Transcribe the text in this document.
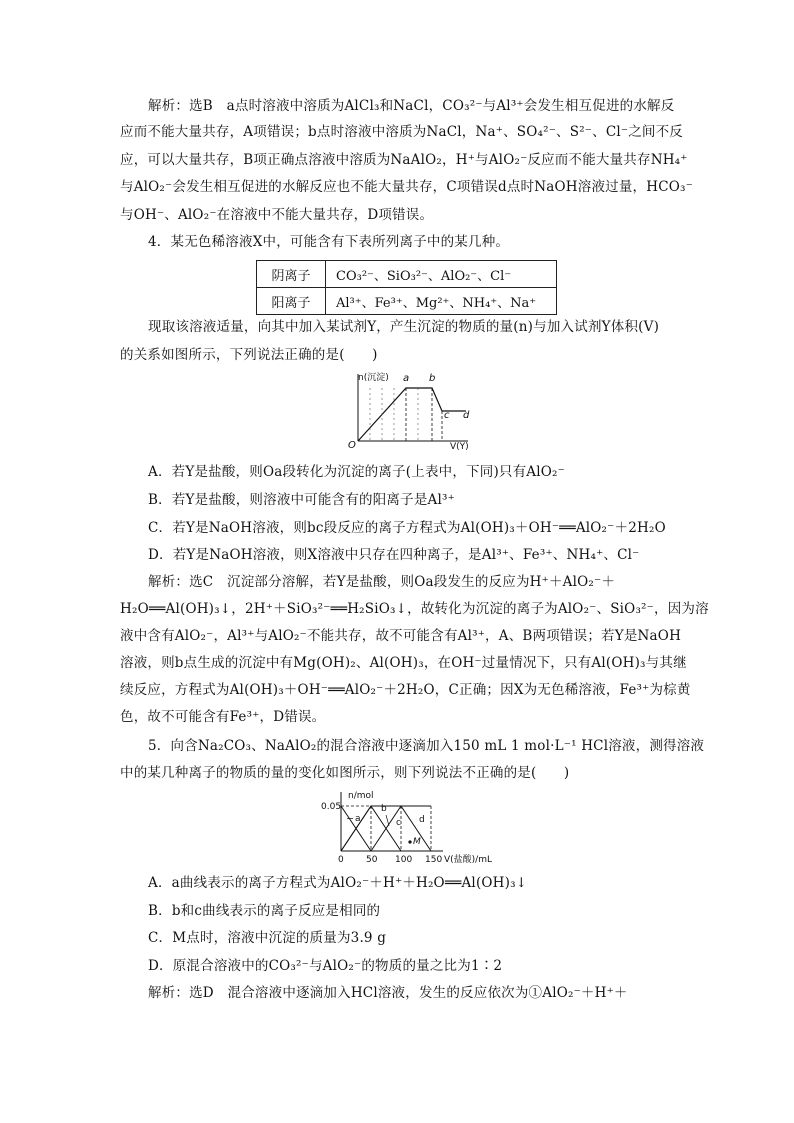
解析：选B　a点时溶液中溶质为AlCl₃和NaCl，CO₃²⁻与Al³⁺会发生相互促进的水解反
应而不能大量共存，A项错误；b点时溶液中溶质为NaCl，Na⁺、SO₄²⁻、S²⁻、Cl⁻之间不反
应，可以大量共存，B项正确点溶液中溶质为NaAlO₂，H⁺与AlO₂⁻反应而不能大量共存NH₄⁺
与AlO₂⁻会发生相互促进的水解反应也不能大量共存，C项错误d点时NaOH溶液过量，HCO₃⁻
与OH⁻、AlO₂⁻在溶液中不能大量共存，D项错误。
4．某无色稀溶液X中，可能含有下表所列离子中的某几种。
阴离子	CO₃²⁻、SiO₃²⁻、AlO₂⁻、Cl⁻
阳离子	Al³⁺、Fe³⁺、Mg²⁺、NH₄⁺、Na⁺
现取该溶液适量，向其中加入某试剂Y，产生沉淀的物质的量(n)与加入试剂Y体积(V)
的关系如图所示，下列说法正确的是(　　)
n(沉淀)
V(Y)
O
a b
c d
A．若Y是盐酸，则Oa段转化为沉淀的离子(上表中，下同)只有AlO₂⁻
B．若Y是盐酸，则溶液中可能含有的阳离子是Al³⁺
C．若Y是NaOH溶液，则bc段反应的离子方程式为Al(OH)₃＋OH⁻══AlO₂⁻＋2H₂O
D．若Y是NaOH溶液，则X溶液中只存在四种离子，是Al³⁺、Fe³⁺、NH₄⁺、Cl⁻
解析：选C　沉淀部分溶解，若Y是盐酸，则Oa段发生的反应为H⁺＋AlO₂⁻＋
H₂O══Al(OH)₃↓，2H⁺＋SiO₃²⁻══H₂SiO₃↓，故转化为沉淀的离子为AlO₂⁻、SiO₃²⁻，因为溶
液中含有AlO₂⁻，Al³⁺与AlO₂⁻不能共存，故不可能含有Al³⁺，A、B两项错误；若Y是NaOH
溶液，则b点生成的沉淀中有Mg(OH)₂、Al(OH)₃，在OH⁻过量情况下，只有Al(OH)₃与其继
续反应，方程式为Al(OH)₃＋OH⁻══AlO₂⁻＋2H₂O，C正确；因X为无色稀溶液，Fe³⁺为棕黄
色，故不可能含有Fe³⁺，D错误。
5．向含Na₂CO₃、NaAlO₂的混合溶液中逐滴加入150 mL 1 mol·L⁻¹ HCl溶液，测得溶液
中的某几种离子的物质的量的变化如图所示，则下列说法不正确的是(　　)
n/mol
V(盐酸)/mL
0.05
0 50 100 150
a
b
c d
M
A．a曲线表示的离子方程式为AlO₂⁻＋H⁺＋H₂O══Al(OH)₃↓
B．b和c曲线表示的离子反应是相同的
C．M点时，溶液中沉淀的质量为3.9 g
D．原混合溶液中的CO₃²⁻与AlO₂⁻的物质的量之比为1∶2
解析：选D　混合溶液中逐滴加入HCl溶液，发生的反应依次为①AlO₂⁻＋H⁺＋
